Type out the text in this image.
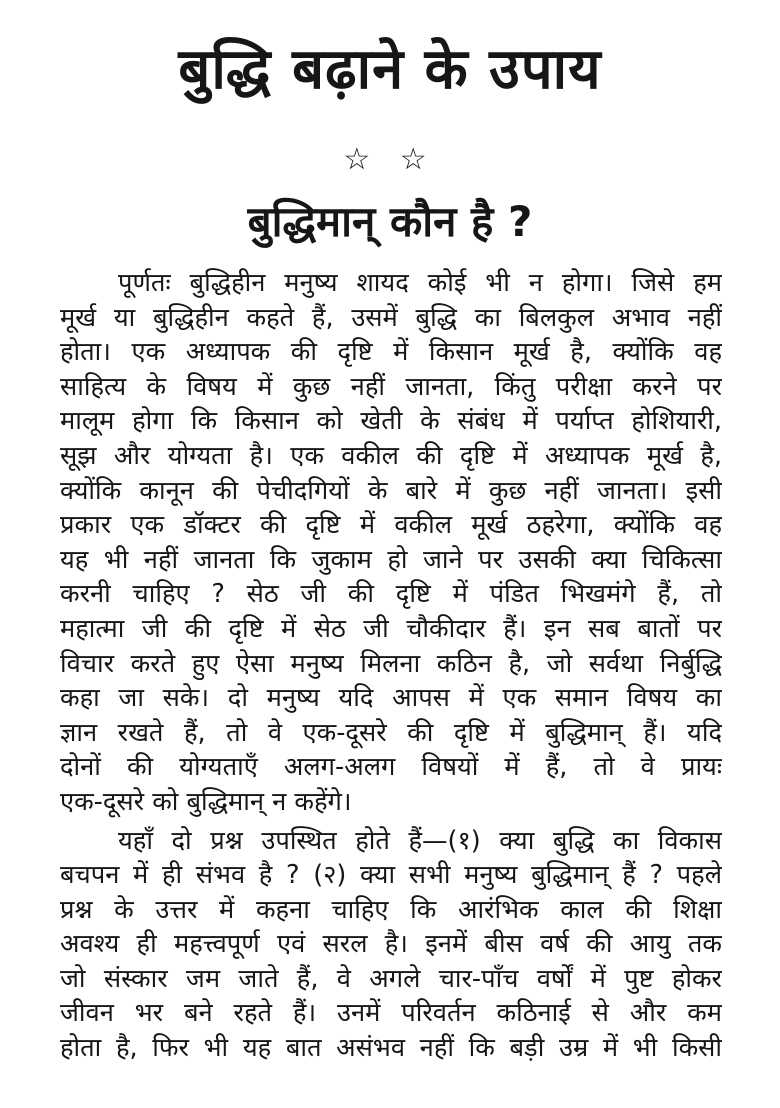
बुद्धि बढ़ाने के उपाय
☆ ☆
बुद्धिमान् कौन है ?
पूर्णतः बुद्धिहीन मनुष्य शायद कोई भी न होगा। जिसे हम
मूर्ख या बुद्धिहीन कहते हैं, उसमें बुद्धि का बिलकुल अभाव नहीं
होता। एक अध्यापक की दृष्टि में किसान मूर्ख है, क्योंकि वह
साहित्य के विषय में कुछ नहीं जानता, किंतु परीक्षा करने पर
मालूम होगा कि किसान को खेती के संबंध में पर्याप्त होशियारी,
सूझ और योग्यता है। एक वकील की दृष्टि में अध्यापक मूर्ख है,
क्योंकि कानून की पेचीदगियों के बारे में कुछ नहीं जानता। इसी
प्रकार एक डॉक्टर की दृष्टि में वकील मूर्ख ठहरेगा, क्योंकि वह
यह भी नहीं जानता कि जुकाम हो जाने पर उसकी क्या चिकित्सा
करनी चाहिए ? सेठ जी की दृष्टि में पंडित भिखमंगे हैं, तो
महात्मा जी की दृष्टि में सेठ जी चौकीदार हैं। इन सब बातों पर
विचार करते हुए ऐसा मनुष्य मिलना कठिन है, जो सर्वथा निर्बुद्धि
कहा जा सके। दो मनुष्य यदि आपस में एक समान विषय का
ज्ञान रखते हैं, तो वे एक-दूसरे की दृष्टि में बुद्धिमान् हैं। यदि
दोनों की योग्यताएँ अलग-अलग विषयों में हैं, तो वे प्रायः
एक-दूसरे को बुद्धिमान् न कहेंगे।
यहाँ दो प्रश्न उपस्थित होते हैं—(१) क्या बुद्धि का विकास
बचपन में ही संभव है ? (२) क्या सभी मनुष्य बुद्धिमान् हैं ? पहले
प्रश्न के उत्तर में कहना चाहिए कि आरंभिक काल की शिक्षा
अवश्य ही महत्त्वपूर्ण एवं सरल है। इनमें बीस वर्ष की आयु तक
जो संस्कार जम जाते हैं, वे अगले चार-पाँच वर्षों में पुष्ट होकर
जीवन भर बने रहते हैं। उनमें परिवर्तन कठिनाई से और कम
होता है, फिर भी यह बात असंभव नहीं कि बड़ी उम्र में भी किसी
